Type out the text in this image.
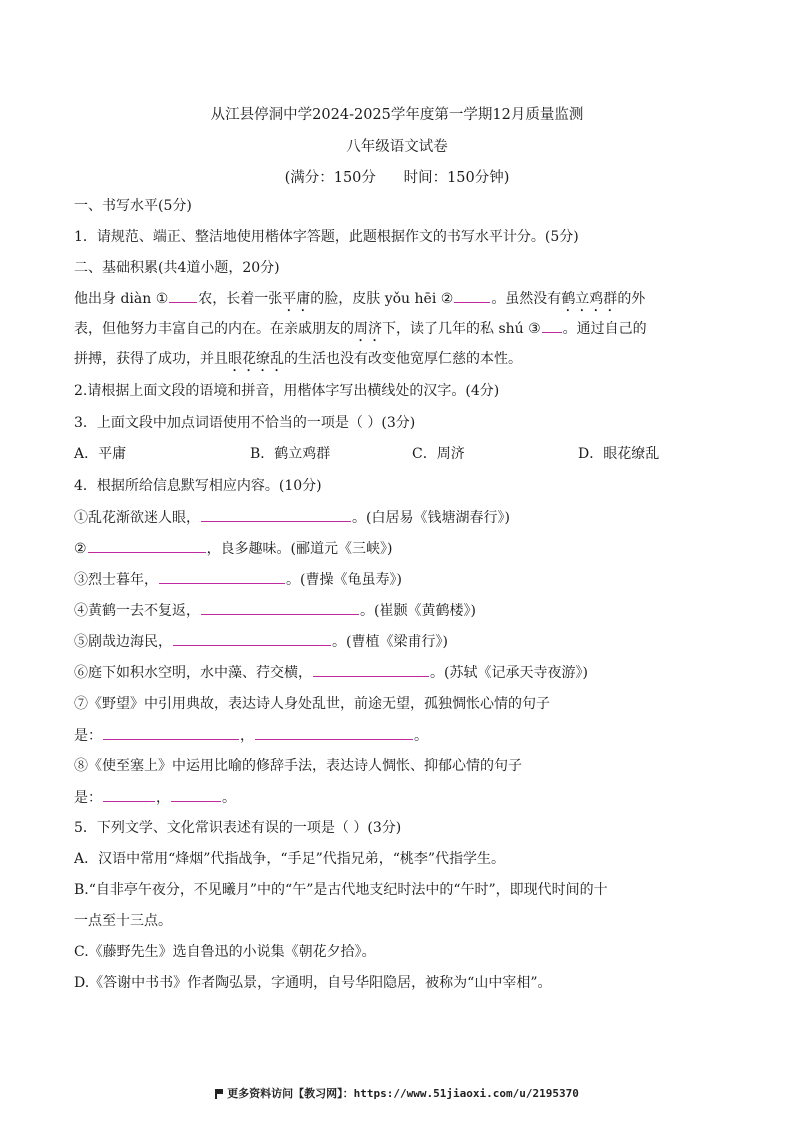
从江县停洞中学2024-2025学年度第一学期12月质量监测
八年级语文试卷
(满分：150分      时间：150分钟)
一、书写水平(5分)
1．请规范、端正、整洁地使用楷体字答题，此题根据作文的书写水平计分。(5分)
二、基础积累(共4道小题，20分)
他出身 diàn ① 农，长着一张平庸的脸，皮肤 yǒu hēi ②	。虽然没有鹤立鸡群的外
表，但他努力丰富自己的内在。在亲戚朋友的周济下，读了几年的私 shú ③ 。通过自己的
拼搏，获得了成功，并且眼花缭乱的生活也没有改变他宽厚仁慈的本性。
2.请根据上面文段的语境和拼音，用楷体字写出横线处的汉字。(4分)
3．上面文段中加点词语使用不恰当的一项是（ ）(3分)
A．平庸	B．鹤立鸡群	C．周济	D．眼花缭乱
4．根据所给信息默写相应内容。(10分)
①乱花渐欲迷人眼，	。(白居易《钱塘湖春行》)
②	，良多趣味。(郦道元《三峡》)
③烈士暮年，	。(曹操《龟虽寿》)
④黄鹤一去不复返，	。(崔颢《黄鹤楼》)
⑤剧哉边海民，	。(曹植《梁甫行》)
⑥庭下如积水空明，水中藻、荇交横，	。(苏轼《记承天寺夜游》)
⑦《野望》中引用典故，表达诗人身处乱世，前途无望，孤独惆怅心情的句子
是：	，	。
⑧《使至塞上》中运用比喻的修辞手法，表达诗人惆怅、抑郁心情的句子
是：	，	。
5．下列文学、文化常识表述有误的一项是（ ）(3分)
A．汉语中常用“烽烟”代指战争，“手足”代指兄弟，“桃李”代指学生。
B.“自非亭午夜分，不见曦月”中的“午”是古代地支纪时法中的“午时”，即现代时间的十
一点至十三点。
C.《藤野先生》选自鲁迅的小说集《朝花夕拾》。
D.《答谢中书书》作者陶弘景，字通明，自号华阳隐居，被称为“山中宰相”。
更多资料访问【教习网】：https://www.51jiaoxi.com/u/2195370
